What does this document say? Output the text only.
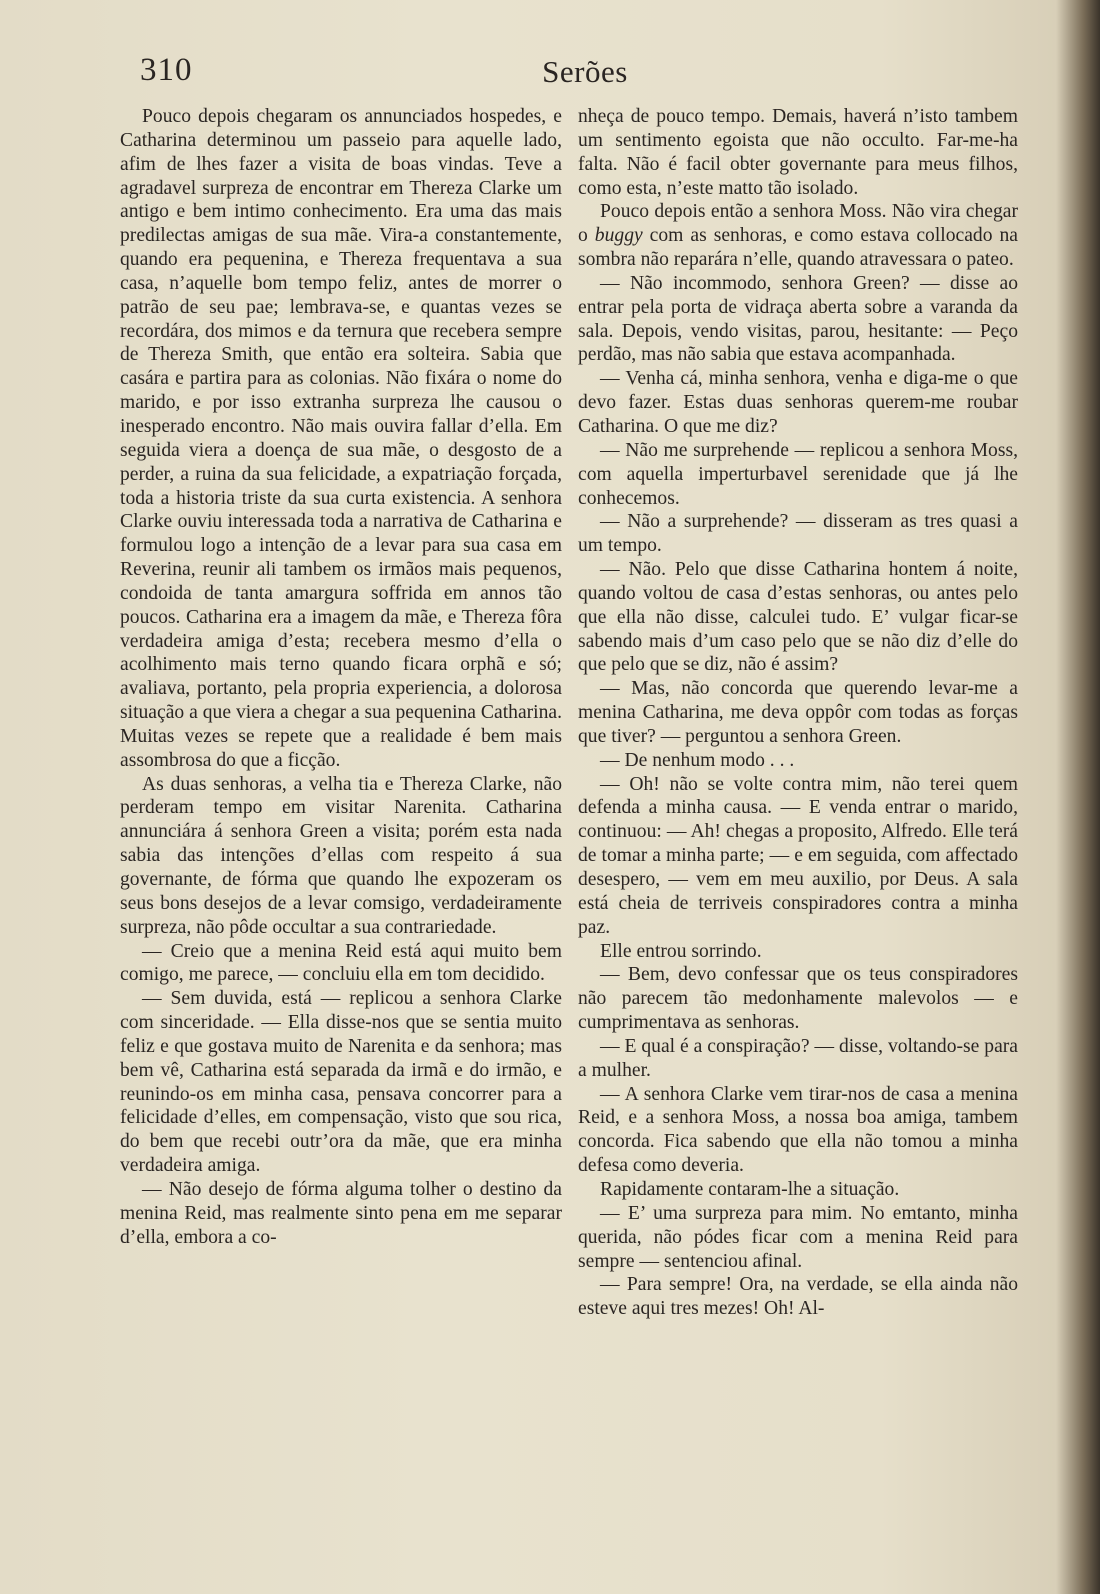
310	Serões

Pouco depois chegaram os annunciados hospedes, e Catharina determinou um passeio para aquelle lado, afim de lhes fazer a visita de boas vindas. Teve a agradavel surpreza de encontrar em Thereza Clarke um antigo e bem intimo conhecimento. Era uma das mais predilectas amigas de sua mãe. Vira-a constantemente, quando era pequenina, e Thereza frequentava a sua casa, n’aquelle bom tempo feliz, antes de morrer o patrão de seu pae; lembrava-se, e quantas vezes se recordára, dos mimos e da ternura que recebera sempre de Thereza Smith, que então era solteira. Sabia que casára e partira para as colonias. Não fixára o nome do marido, e por isso extranha surpreza lhe causou o inesperado encontro. Não mais ouvira fallar d’ella. Em seguida viera a doença de sua mãe, o desgosto de a perder, a ruina da sua felicidade, a expatriação forçada, toda a historia triste da sua curta existencia. A senhora Clarke ouviu interessada toda a narrativa de Catharina e formulou logo a intenção de a levar para sua casa em Reverina, reunir ali tambem os irmãos mais pequenos, condoida de tanta amargura soffrida em annos tão poucos. Catharina era a imagem da mãe, e Thereza fôra verdadeira amiga d’esta; recebera mesmo d’ella o acolhimento mais terno quando ficara orphã e só; avaliava, portanto, pela propria experiencia, a dolorosa situação a que viera a chegar a sua pequenina Catharina. Muitas vezes se repete que a realidade é bem mais assombrosa do que a ficção.

As duas senhoras, a velha tia e Thereza Clarke, não perderam tempo em visitar Narenita. Catharina annunciára á senhora Green a visita; porém esta nada sabia das intenções d’ellas com respeito á sua governante, de fórma que quando lhe expozeram os seus bons desejos de a levar comsigo, verdadeiramente surpreza, não pôde occultar a sua contrariedade.

— Creio que a menina Reid está aqui muito bem comigo, me parece, — concluiu ella em tom decidido.

— Sem duvida, está — replicou a senhora Clarke com sinceridade. — Ella disse-nos que se sentia muito feliz e que gostava muito de Narenita e da senhora; mas bem vê, Catharina está separada da irmã e do irmão, e reunindo-os em minha casa, pensava concorrer para a felicidade d’elles, em compensação, visto que sou rica, do bem que recebi outr’ora da mãe, que era minha verdadeira amiga.

— Não desejo de fórma alguma tolher o destino da menina Reid, mas realmente sinto pena em me separar d’ella, embora a co-

nheça de pouco tempo. Demais, haverá n’isto tambem um sentimento egoista que não occulto. Far-me-ha falta. Não é facil obter governante para meus filhos, como esta, n’este matto tão isolado.

Pouco depois então a senhora Moss. Não vira chegar o buggy com as senhoras, e como estava collocado na sombra não reparára n’elle, quando atravessara o pateo.

— Não incommodo, senhora Green? — disse ao entrar pela porta de vidraça aberta sobre a varanda da sala. Depois, vendo visitas, parou, hesitante: — Peço perdão, mas não sabia que estava acompanhada.

— Venha cá, minha senhora, venha e diga-me o que devo fazer. Estas duas senhoras querem-me roubar Catharina. O que me diz?

— Não me surprehende — replicou a senhora Moss, com aquella imperturbavel serenidade que já lhe conhecemos.

— Não a surprehende? — disseram as tres quasi a um tempo.

— Não. Pelo que disse Catharina hontem á noite, quando voltou de casa d’estas senhoras, ou antes pelo que ella não disse, calculei tudo. E’ vulgar ficar-se sabendo mais d’um caso pelo que se não diz d’elle do que pelo que se diz, não é assim?

— Mas, não concorda que querendo levar-me a menina Catharina, me deva oppôr com todas as forças que tiver? — perguntou a senhora Green.

— De nenhum modo . . .

— Oh! não se volte contra mim, não terei quem defenda a minha causa. — E venda entrar o marido, continuou: — Ah! chegas a proposito, Alfredo. Elle terá de tomar a minha parte; — e em seguida, com affectado desespero, — vem em meu auxilio, por Deus. A sala está cheia de terriveis conspiradores contra a minha paz.

Elle entrou sorrindo.

— Bem, devo confessar que os teus conspiradores não parecem tão medonhamente malevolos — e cumprimentava as senhoras.

— E qual é a conspiração? — disse, voltando-se para a mulher.

— A senhora Clarke vem tirar-nos de casa a menina Reid, e a senhora Moss, a nossa boa amiga, tambem concorda. Fica sabendo que ella não tomou a minha defesa como deveria.

Rapidamente contaram-lhe a situação.

— E’ uma surpreza para mim. No emtanto, minha querida, não pódes ficar com a menina Reid para sempre — sentenciou afinal.

— Para sempre! Ora, na verdade, se ella ainda não esteve aqui tres mezes! Oh! Al-
